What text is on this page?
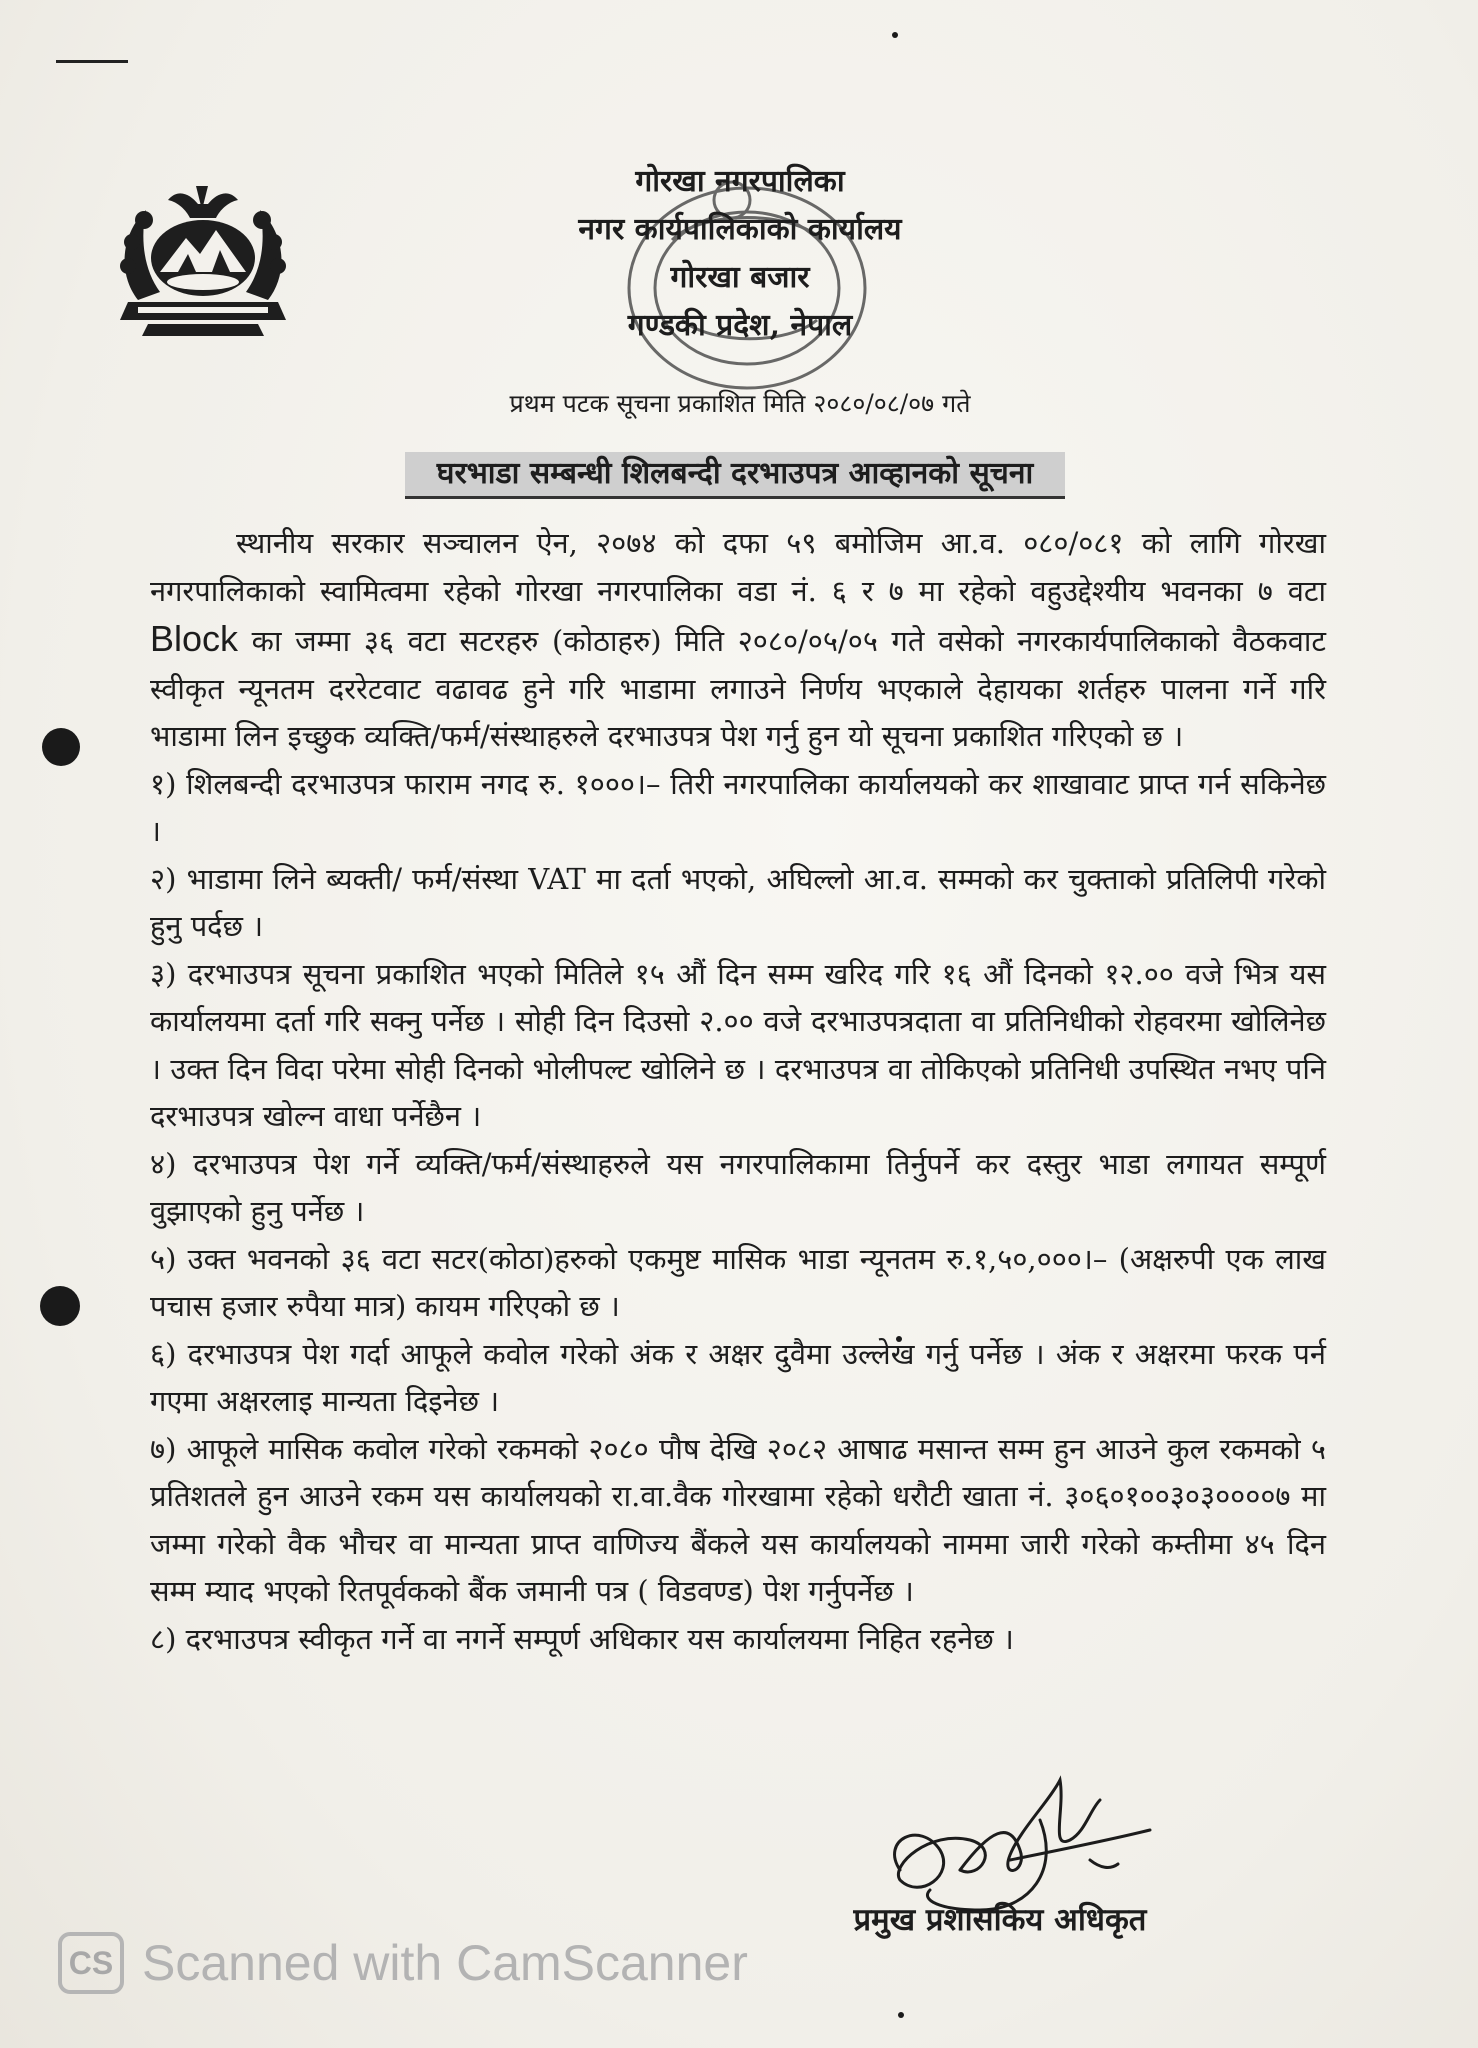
गोरखा नगरपालिका
नगर कार्यपालिकाको कार्यालय
गोरखा बजार
गण्डकी प्रदेश, नेपाल
प्रथम पटक सूचना प्रकाशित मिति २०८०/०८/०७ गते
घरभाडा सम्बन्धी शिलबन्दी दरभाउपत्र आव्हानको सूचना

स्थानीय सरकार सञ्चालन ऐन, २०७४ को दफा ५९ बमोजिम आ.व. ०८०/०८१ को लागि गोरखा नगरपालिकाको स्वामित्वमा रहेको गोरखा नगरपालिका वडा नं. ६ र ७ मा रहेको वहुउद्देश्यीय भवनका ७ वटा Block का जम्मा ३६ वटा सटरहरु (कोठाहरु) मिति २०८०/०५/०५ गते वसेको नगरकार्यपालिकाको वैठकवाट स्वीकृत न्यूनतम दररेटवाट वढावढ हुने गरि भाडामा लगाउने निर्णय भएकाले देहायका शर्तहरु पालना गर्ने गरि भाडामा लिन इच्छुक व्यक्ति/फर्म/संस्थाहरुले दरभाउपत्र पेश गर्नु हुन यो सूचना प्रकाशित गरिएको छ ।

१) शिलबन्दी दरभाउपत्र फाराम नगद रु. १०००।– तिरी नगरपालिका कार्यालयको कर शाखावाट प्राप्त गर्न सकिनेछ ।

२) भाडामा लिने ब्यक्ती/ फर्म/संस्था VAT मा दर्ता भएको, अघिल्लो आ.व. सम्मको कर चुक्ताको प्रतिलिपी गरेको हुनु पर्दछ ।

३) दरभाउपत्र सूचना प्रकाशित भएको मितिले १५ औं दिन सम्म खरिद गरि १६ औं दिनको १२.०० वजे भित्र यस कार्यालयमा दर्ता गरि सक्नु पर्नेछ । सोही दिन दिउसो २.०० वजे दरभाउपत्रदाता वा प्रतिनिधीको रोहवरमा खोलिनेछ । उक्त दिन विदा परेमा सोही दिनको भोलीपल्ट खोलिने छ । दरभाउपत्र वा तोकिएको प्रतिनिधी उपस्थित नभए पनि दरभाउपत्र खोल्न वाधा पर्नेछैन ।

४) दरभाउपत्र पेश गर्ने व्यक्ति/फर्म/संस्थाहरुले यस नगरपालिकामा तिर्नुपर्ने कर दस्तुर भाडा लगायत सम्पूर्ण वुझाएको हुनु पर्नेछ ।

५) उक्त भवनको ३६ वटा सटर(कोठा)हरुको एकमुष्ट मासिक भाडा न्यूनतम रु.१,५०,०००।– (अक्षरुपी एक लाख पचास हजार रुपैया मात्र) कायम गरिएको छ ।

६) दरभाउपत्र पेश गर्दा आफूले कवोल गरेको अंक र अक्षर दुवैमा उल्लेख गर्नु पर्नेछ । अंक र अक्षरमा फरक पर्न गएमा अक्षरलाइ मान्यता दिइनेछ ।

७) आफूले मासिक कवोल गरेको रकमको २०८० पौष देखि २०८२ आषाढ मसान्त सम्म हुन आउने कुल रकमको ५ प्रतिशतले हुन आउने रकम यस कार्यालयको रा.वा.वैक गोरखामा रहेको धरौटी खाता नं. ३०६०१००३०३००००७ मा जम्मा गरेको वैक भौचर वा मान्यता प्राप्त वाणिज्य बैंकले यस कार्यालयको नाममा जारी गरेको कम्तीमा ४५ दिन सम्म म्याद भएको रितपूर्वकको बैंक जमानी पत्र ( विडवण्ड) पेश गर्नुपर्नेछ ।

८) दरभाउपत्र स्वीकृत गर्ने वा नगर्ने सम्पूर्ण अधिकार यस कार्यालयमा निहित रहनेछ ।

प्रमुख प्रशासकिय अधिकृत
CS Scanned with CamScanner
